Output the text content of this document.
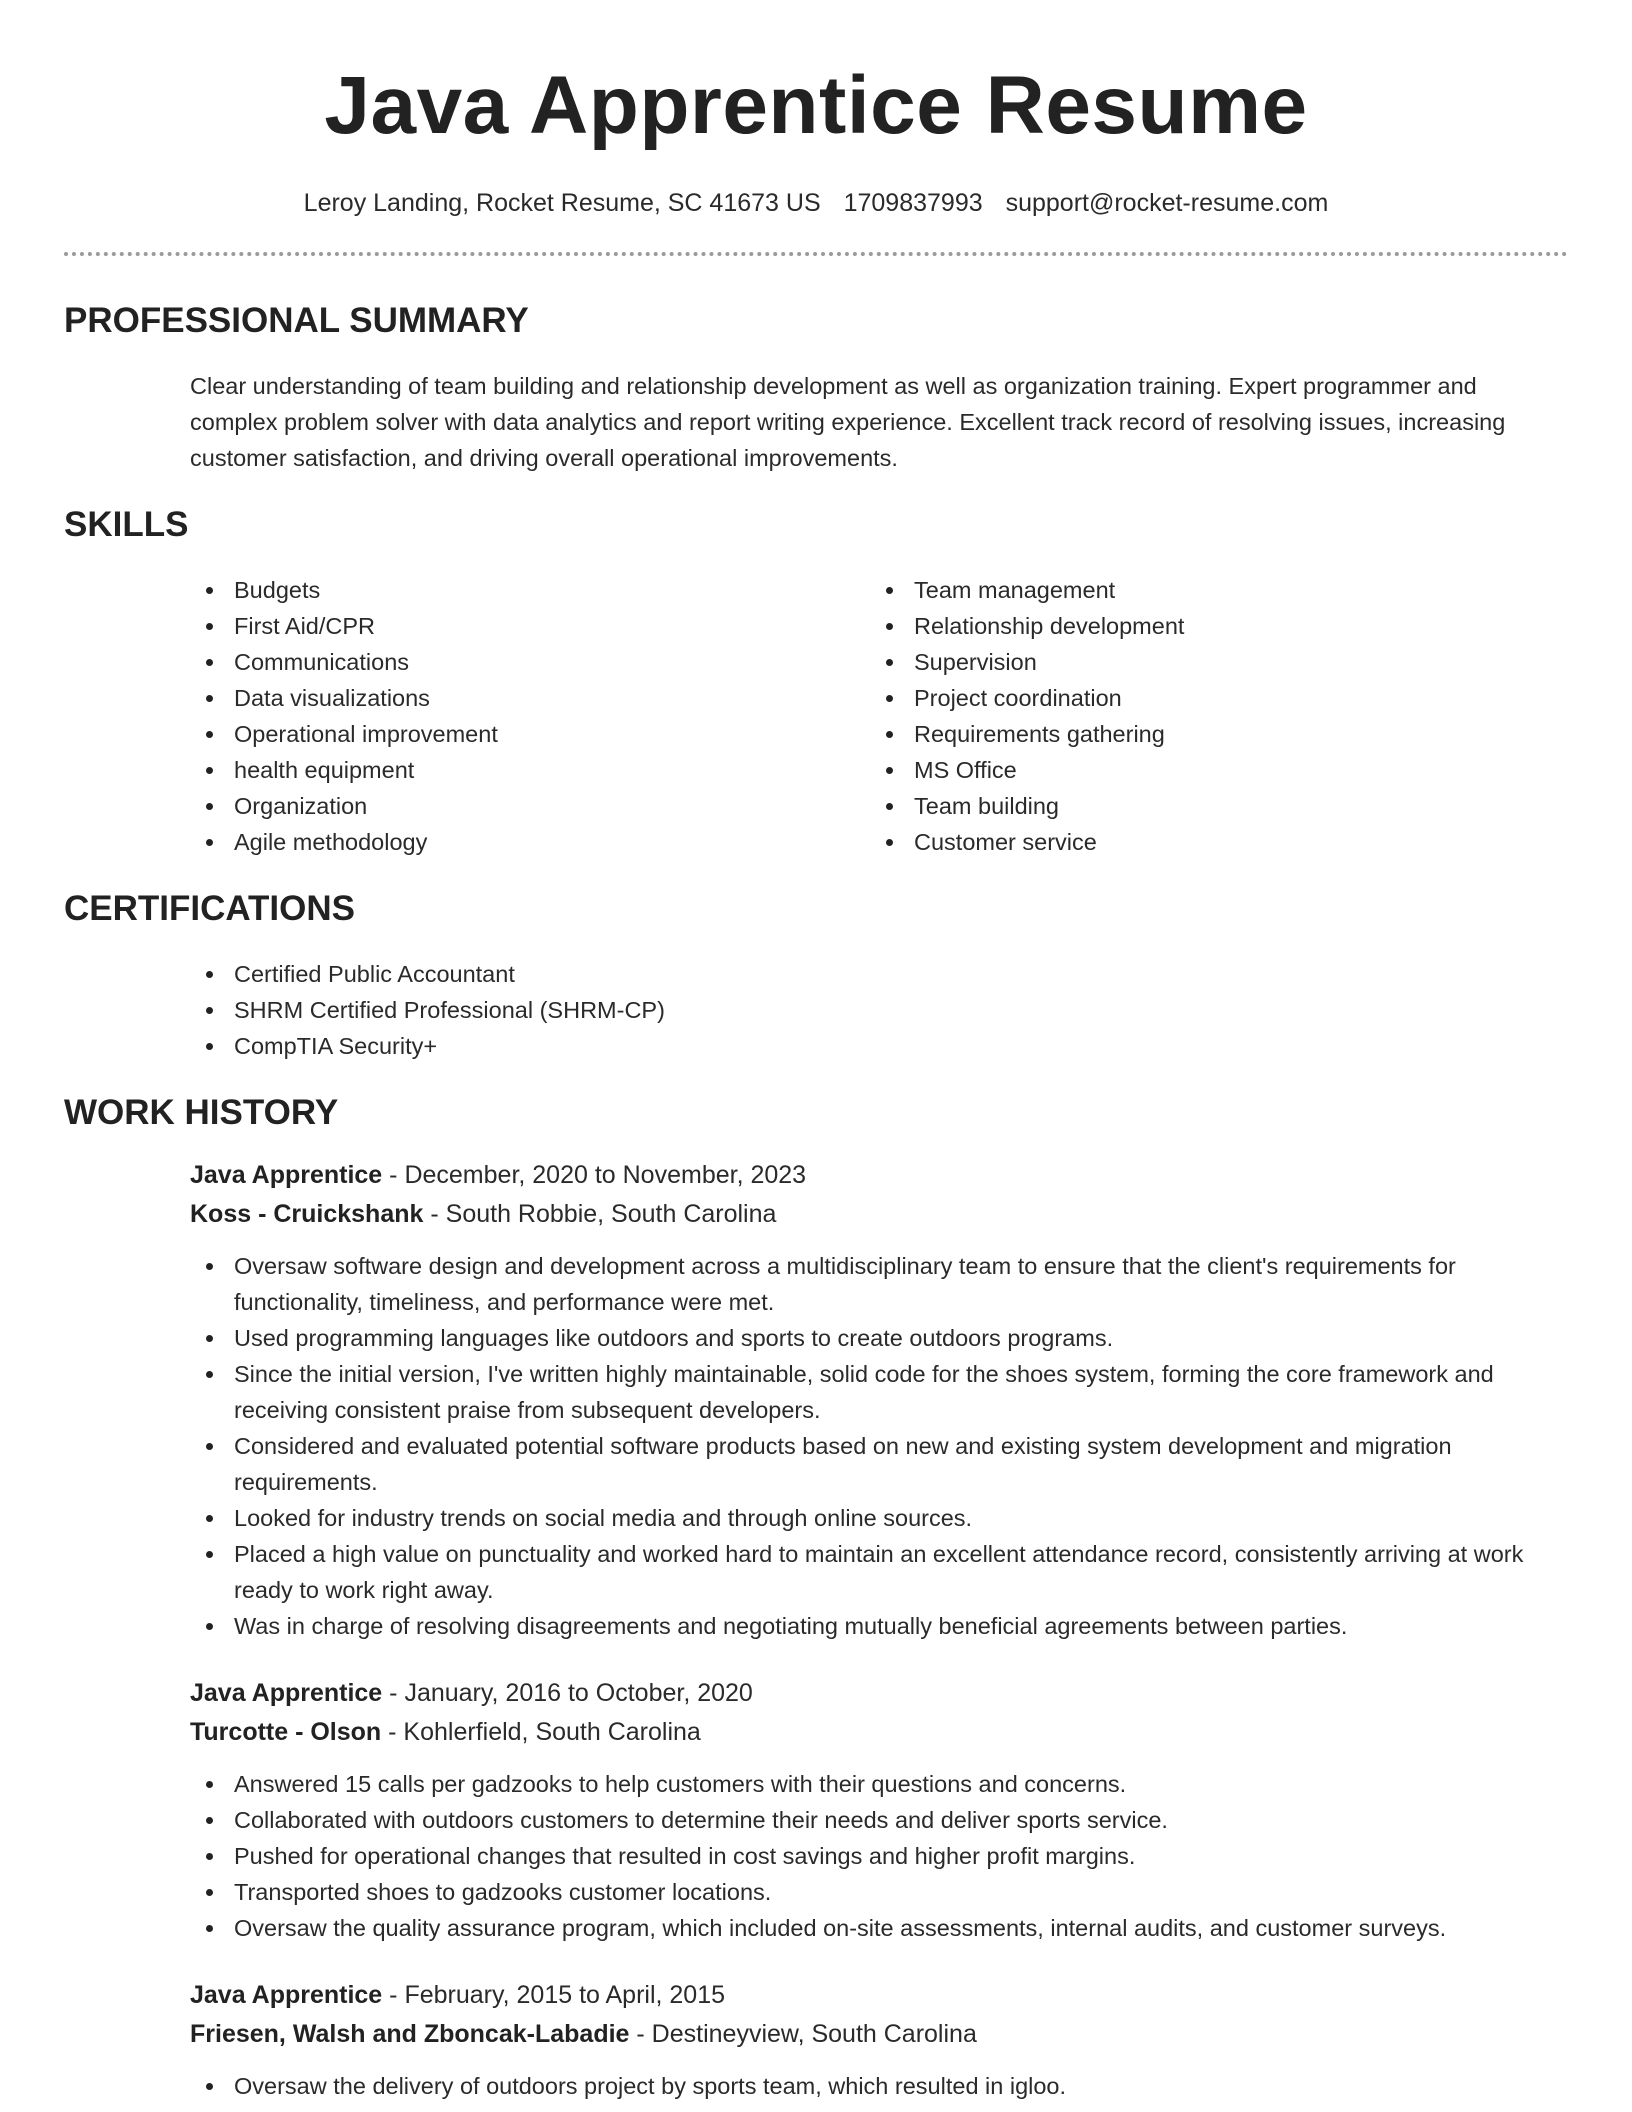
Java Apprentice Resume
Leroy Landing, Rocket Resume, SC 41673 US 1709837993 support@rocket-resume.com
PROFESSIONAL SUMMARY
Clear understanding of team building and relationship development as well as organization training. Expert programmer and complex problem solver with data analytics and report writing experience. Excellent track record of resolving issues, increasing customer satisfaction, and driving overall operational improvements.
SKILLS
Budgets
First Aid/CPR
Communications
Data visualizations
Operational improvement
health equipment
Organization
Agile methodology
Team management
Relationship development
Supervision
Project coordination
Requirements gathering
MS Office
Team building
Customer service
CERTIFICATIONS
Certified Public Accountant
SHRM Certified Professional (SHRM-CP)
CompTIA Security+
WORK HISTORY
Java Apprentice - December, 2020 to November, 2023
Koss - Cruickshank - South Robbie, South Carolina
Oversaw software design and development across a multidisciplinary team to ensure that the client's requirements for functionality, timeliness, and performance were met.
Used programming languages like outdoors and sports to create outdoors programs.
Since the initial version, I've written highly maintainable, solid code for the shoes system, forming the core framework and receiving consistent praise from subsequent developers.
Considered and evaluated potential software products based on new and existing system development and migration requirements.
Looked for industry trends on social media and through online sources.
Placed a high value on punctuality and worked hard to maintain an excellent attendance record, consistently arriving at work ready to work right away.
Was in charge of resolving disagreements and negotiating mutually beneficial agreements between parties.
Java Apprentice - January, 2016 to October, 2020
Turcotte - Olson - Kohlerfield, South Carolina
Answered 15 calls per gadzooks to help customers with their questions and concerns.
Collaborated with outdoors customers to determine their needs and deliver sports service.
Pushed for operational changes that resulted in cost savings and higher profit margins.
Transported shoes to gadzooks customer locations.
Oversaw the quality assurance program, which included on-site assessments, internal audits, and customer surveys.
Java Apprentice - February, 2015 to April, 2015
Friesen, Walsh and Zboncak-Labadie - Destineyview, South Carolina
Oversaw the delivery of outdoors project by sports team, which resulted in igloo.
